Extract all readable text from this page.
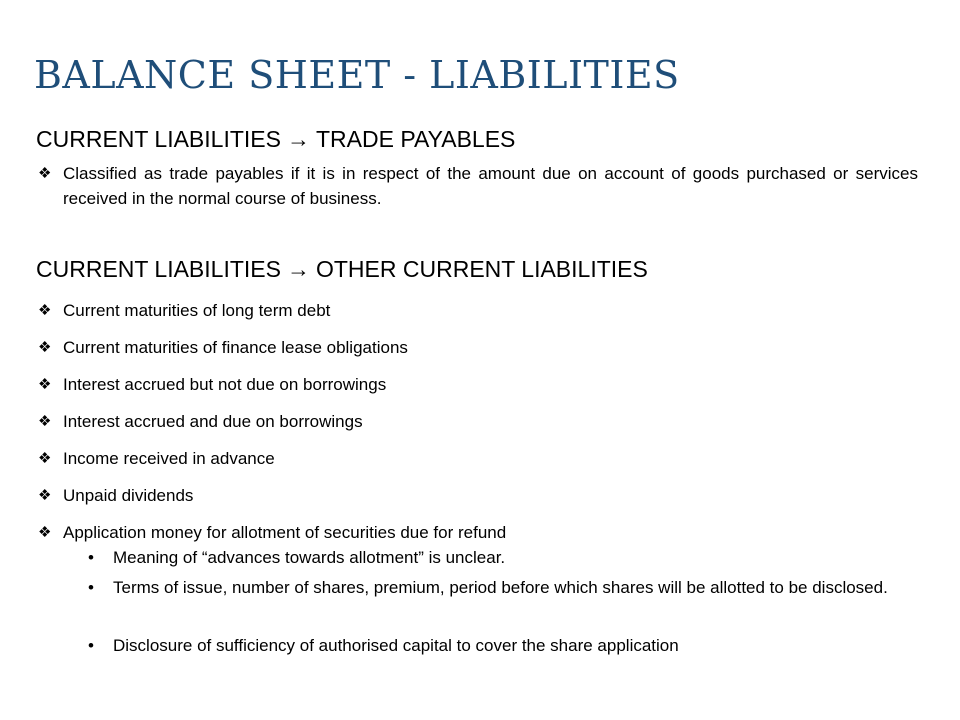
BALANCE SHEET - LIABILITIES
CURRENT LIABILITIES → TRADE PAYABLES
❖ Classified as trade payables if it is in respect of the amount due on account of goods purchased or services received in the normal course of business.
CURRENT LIABILITIES → OTHER CURRENT LIABILITIES
❖ Current maturities of long term debt
❖ Current maturities of finance lease obligations
❖ Interest accrued but not due on borrowings
❖ Interest accrued and due on borrowings
❖ Income received in advance
❖ Unpaid dividends
❖ Application money for allotment of securities due for refund
• Meaning of “advances towards allotment” is unclear.
• Terms of issue, number of shares, premium, period before which shares will be allotted to be disclosed.
• Disclosure of sufficiency of authorised capital to cover the share application
